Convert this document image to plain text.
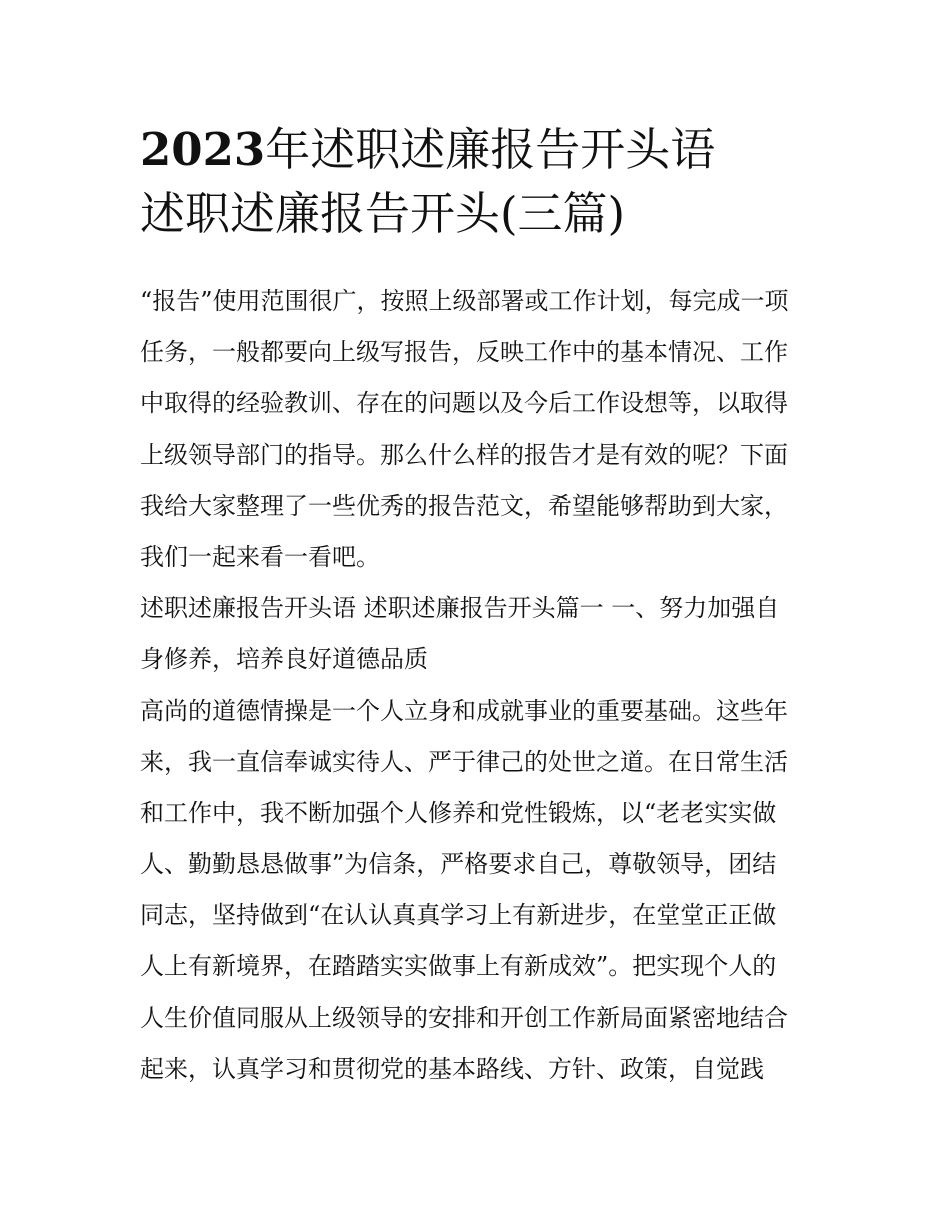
2023年述职述廉报告开头语
述职述廉报告开头(三篇)
“报告”使用范围很广，按照上级部署或工作计划，每完成一项
任务，一般都要向上级写报告，反映工作中的基本情况、工作
中取得的经验教训、存在的问题以及今后工作设想等，以取得
上级领导部门的指导。那么什么样的报告才是有效的呢？下面
我给大家整理了一些优秀的报告范文，希望能够帮助到大家，
我们一起来看一看吧。
述职述廉报告开头语 述职述廉报告开头篇一 一、努力加强自
身修养，培养良好道德品质
高尚的道德情操是一个人立身和成就事业的重要基础。这些年
来，我一直信奉诚实待人、严于律己的处世之道。在日常生活
和工作中，我不断加强个人修养和党性锻炼，以“老老实实做
人、勤勤恳恳做事”为信条，严格要求自己，尊敬领导，团结
同志，坚持做到“在认认真真学习上有新进步，在堂堂正正做
人上有新境界，在踏踏实实做事上有新成效”。把实现个人的
人生价值同服从上级领导的安排和开创工作新局面紧密地结合
起来，认真学习和贯彻党的基本路线、方针、政策，自觉践
